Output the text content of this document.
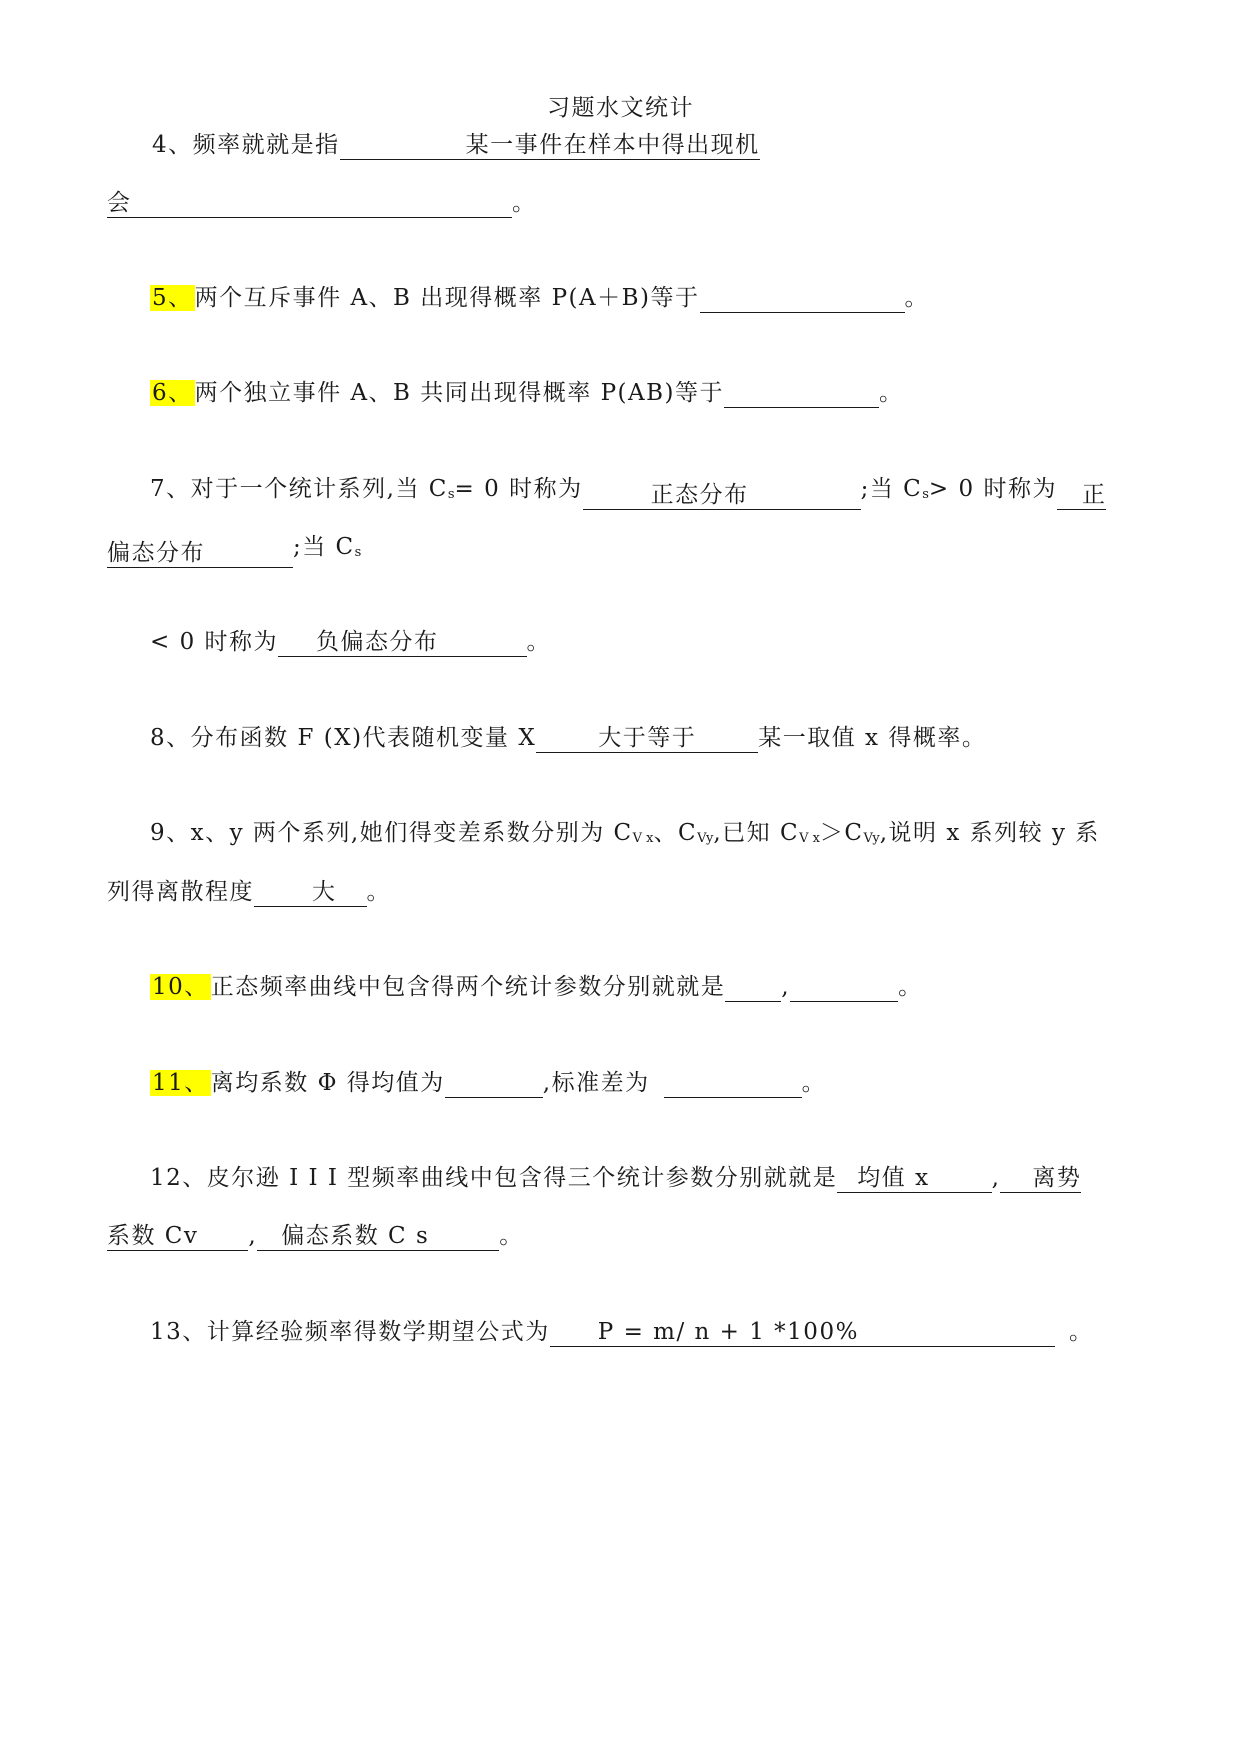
习题水文统计
4、频率就就是指	某一事件在样本中得出现机
会	。
5、两个互斥事件 A、B 出现得概率 P(A＋B)等于	。
6、两个独立事件 A、B 共同出现得概率 P(AB)等于	。
7、对于一个统计系列,当 Cs= 0 时称为	正态分布	;当 Cs> 0 时称为 正
偏态分布	;当 Cs
< 0 时称为 负偏态分布	。
8、分布函数 F (X)代表随机变量 X	大于等于	某一取值 x 得概率。
9、x、y 两个系列,她们得变差系数分别为 CV x、CVy,已知 CV x＞CVy,说明 x 系列较 y 系
列得离散程度	大 。
10、正态频率曲线中包含得两个统计参数分别就就是 ,	。
11、离均系数 Φ 得均值为	,标准差为	。
12、皮尔逊 I I I 型频率曲线中包含得三个统计参数分别就就是 均值 x	, 离势
系数 Cv , 偏态系数 C s	。
13、计算经验频率得数学期望公式为 P = m/ n + 1 *100%	。
